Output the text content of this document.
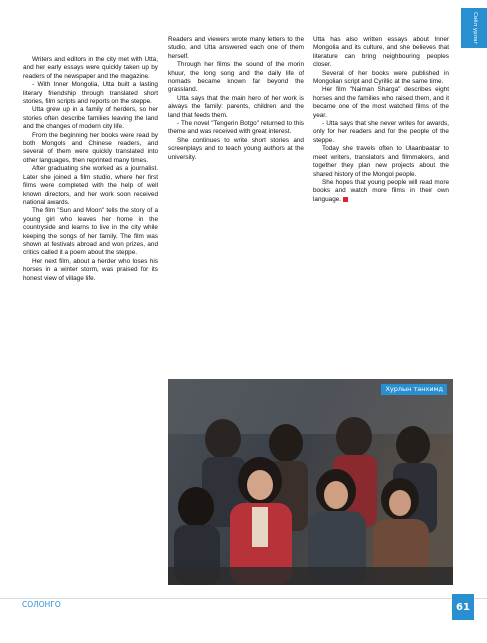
Соёл урлаг

Writers and editors in the city met with Utta, and her early essays were quickly taken up by readers of the newspaper and the magazine.

- With Inner Mongolia, Utta built a lasting literary friendship through translated short stories, film scripts and reports on the steppe.

Utta grew up in a family of herders, so her stories often describe families leaving the land and the changes of modern city life.

From the beginning her books were read by both Mongols and Chinese readers, and several of them were quickly translated into other languages, then reprinted many times.

After graduating she worked as a journalist. Later she joined a film studio, where her first films were completed with the help of well known directors, and her work soon received national awards.

The film "Sun and Moon" tells the story of a young girl who leaves her home in the countryside and learns to live in the city while keeping the songs of her family. The film was shown at festivals abroad and won prizes, and critics called it a poem about the steppe.

Her next film, about a herder who loses his horses in a winter storm, was praised for its honest view of village life.

Readers and viewers wrote many letters to the studio, and Utta answered each one of them herself.

Through her films the sound of the morin khuur, the long song and the daily life of nomads became known far beyond the grassland.

Utta says that the main hero of her work is always the family: parents, children and the land that feeds them.

- The novel "Tengerin Botgo" returned to this theme and was received with great interest.

She continues to write short stories and screenplays and to teach young authors at the university.

Utta has also written essays about Inner Mongolia and its culture, and she believes that literature can bring neighbouring peoples closer.

Several of her books were published in Mongolian script and Cyrillic at the same time.

Her film "Naiman Sharga" describes eight horses and the families who raised them, and it became one of the most watched films of the year.

- Utta says that she never writes for awards, only for her readers and for the people of the steppe.

Today she travels often to Ulaanbaatar to meet writers, translators and filmmakers, and together they plan new projects about the shared history of the Mongol people.

She hopes that young people will read more books and watch more films in their own language.

Хурлын танхимд
СОЛОНГО	61
